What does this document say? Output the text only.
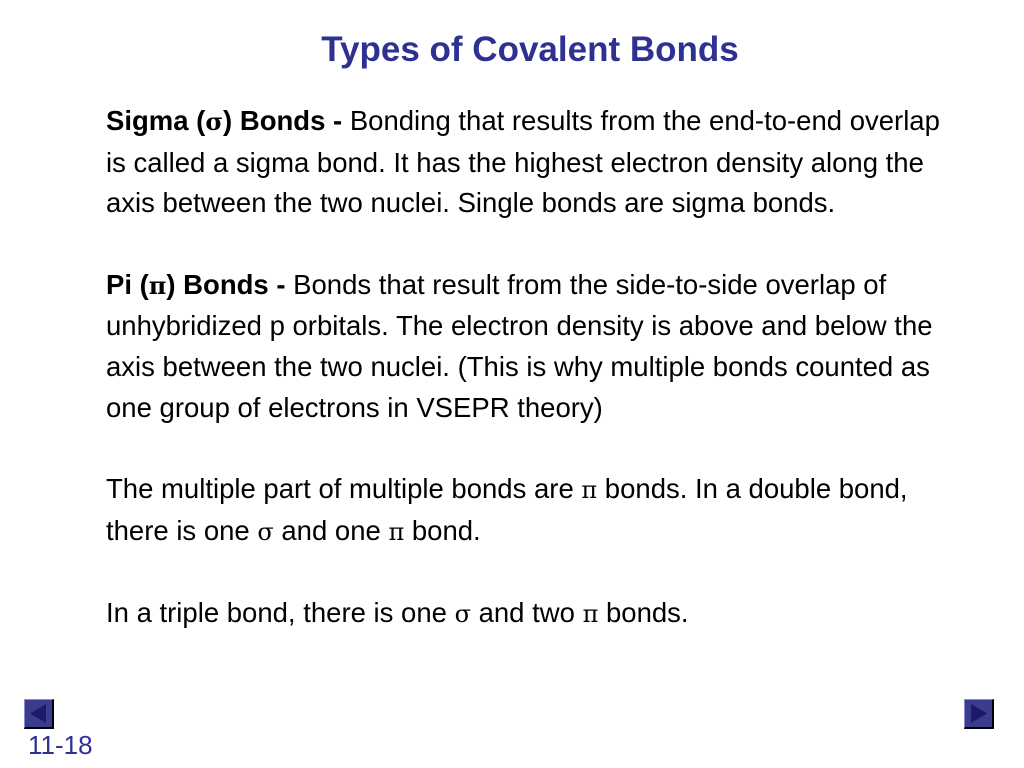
Types of Covalent Bonds

Sigma (σ) Bonds - Bonding that results from the end-to-end overlap is called a sigma bond. It has the highest electron density along the axis between the two nuclei. Single bonds are sigma bonds.

Pi (π) Bonds - Bonds that result from the side-to-side overlap of unhybridized p orbitals. The electron density is above and below the axis between the two nuclei. (This is why multiple bonds counted as one group of electrons in VSEPR theory)

The multiple part of multiple bonds are π bonds. In a double bond, there is one σ and one π bond.

In a triple bond, there is one σ and two π bonds.

11-18
